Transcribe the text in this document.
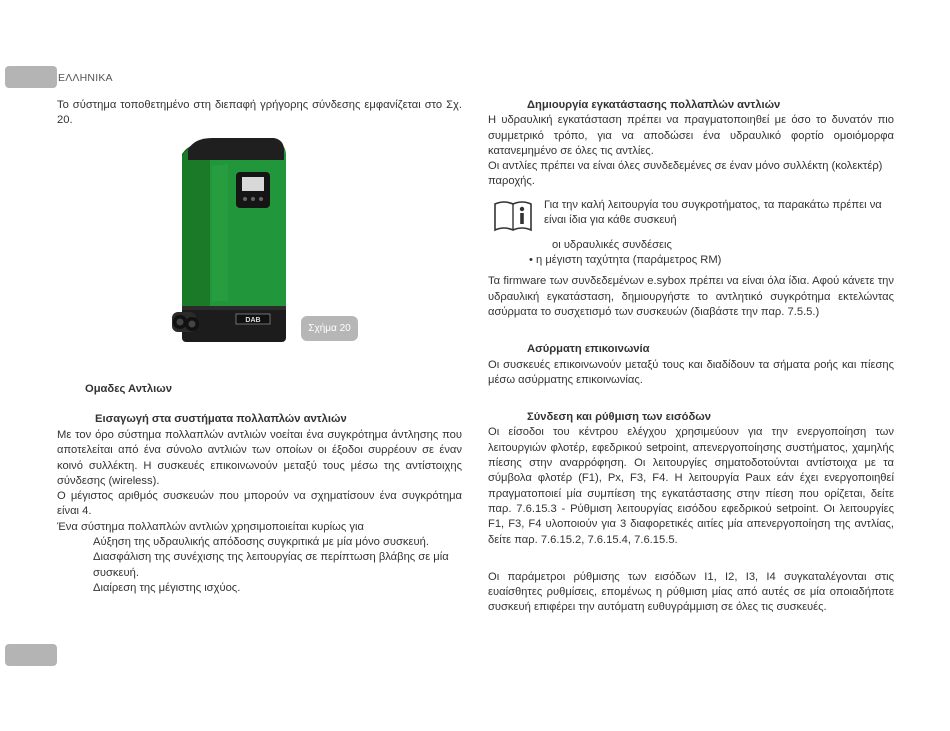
ΕΛΛΗΝΙΚΑ
Το σύστημα τοποθετημένο στη διεπαφή γρήγορης σύνδεσης εμφανίζεται στο Σχ. 20.
DAB
Σχήμα 20
Ομαδες Αντλιων
Εισαγωγή στα συστήματα πολλαπλών αντλιών

Με τον όρο σύστημα πολλαπλών αντλιών νοείται ένα συγκρότημα άντλησης που αποτελείται από ένα σύνολο αντλιών των οποίων οι έξοδοι συρρέουν σε έναν κοινό συλλέκτη. Η συσκευές επικοινωνούν μεταξύ τους μέσω της αντίστοιχης σύνδεσης (wireless).

Ο μέγιστος αριθμός συσκευών που μπορούν να σχηματίσουν ένα συγκρότημα είναι 4.

Ένα σύστημα πολλαπλών αντλιών χρησιμοποιείται κυρίως για

Αύξηση της υδραυλικής απόδοσης συγκριτικά με μία μόνο συσκευή.

Διασφάλιση της συνέχισης της λειτουργίας σε περίπτωση βλάβης σε μία συσκευή.

Διαίρεση της μέγιστης ισχύος.

Δημιουργία εγκατάστασης πολλαπλών αντλιών

Η υδραυλική εγκατάσταση πρέπει να πραγματοποιηθεί με όσο το δυνατόν πιο συμμετρικό τρόπο, για να αποδώσει ένα υδραυλικό φορτίο ομοιόμορφα κατανεμημένο σε όλες τις αντλίες.

Οι αντλίες πρέπει να είναι όλες συνδεδεμένες σε έναν μόνο συλλέκτη (κολεκτέρ) παροχής.

Για την καλή λειτουργία του συγκροτήματος, τα παρακάτω πρέπει να είναι ίδια για κάθε συσκευή

οι υδραυλικές συνδέσεις

• η μέγιστη ταχύτητα (παράμετρος RM)

Τα firmware των συνδεδεμένων e.sybox πρέπει να είναι όλα ίδια. Αφού κάνετε την υδραυλική εγκατάσταση, δημιουργήστε το αντλητικό συγκρότημα εκτελώντας ασύρματα το συσχετισμό των συσκευών (διαβάστε την παρ. 7.5.5.)

Ασύρματη επικοινωνία

Οι συσκευές επικοινωνούν μεταξύ τους και διαδίδουν τα σήματα ροής και πίεσης μέσω ασύρματης επικοινωνίας.

Σύνδεση και ρύθμιση των εισόδων

Οι είσοδοι του κέντρου ελέγχου χρησιμεύουν για την ενεργοποίηση των λειτουργιών φλοτέρ, εφεδρικού setpoint, απενεργοποίησης συστήματος, χαμηλής πίεσης στην αναρρόφηση. Οι λειτουργίες σηματοδοτούνται αντίστοιχα με τα σύμβολα φλοτέρ (F1), Px, F3, F4. Η λειτουργία Paux εάν έχει ενεργοποιηθεί πραγματοποιεί μία συμπίεση της εγκατάστασης στην πίεση που ορίζεται, δείτε παρ. 7.6.15.3 - Ρύθμιση λειτουργίας εισόδου εφεδρικού setpoint. Οι λειτουργίες F1, F3, F4 υλοποιούν για 3 διαφορετικές αιτίες μία απενεργοποίηση της αντλίας, δείτε παρ. 7.6.15.2, 7.6.15.4, 7.6.15.5.

Οι παράμετροι ρύθμισης των εισόδων I1, I2, I3, I4 συγκαταλέγονται στις ευαίσθητες ρυθμίσεις, επομένως η ρύθμιση μίας από αυτές σε μία οποιαδήποτε συσκευή επιφέρει την αυτόματη ευθυγράμμιση σε όλες τις συσκευές.
